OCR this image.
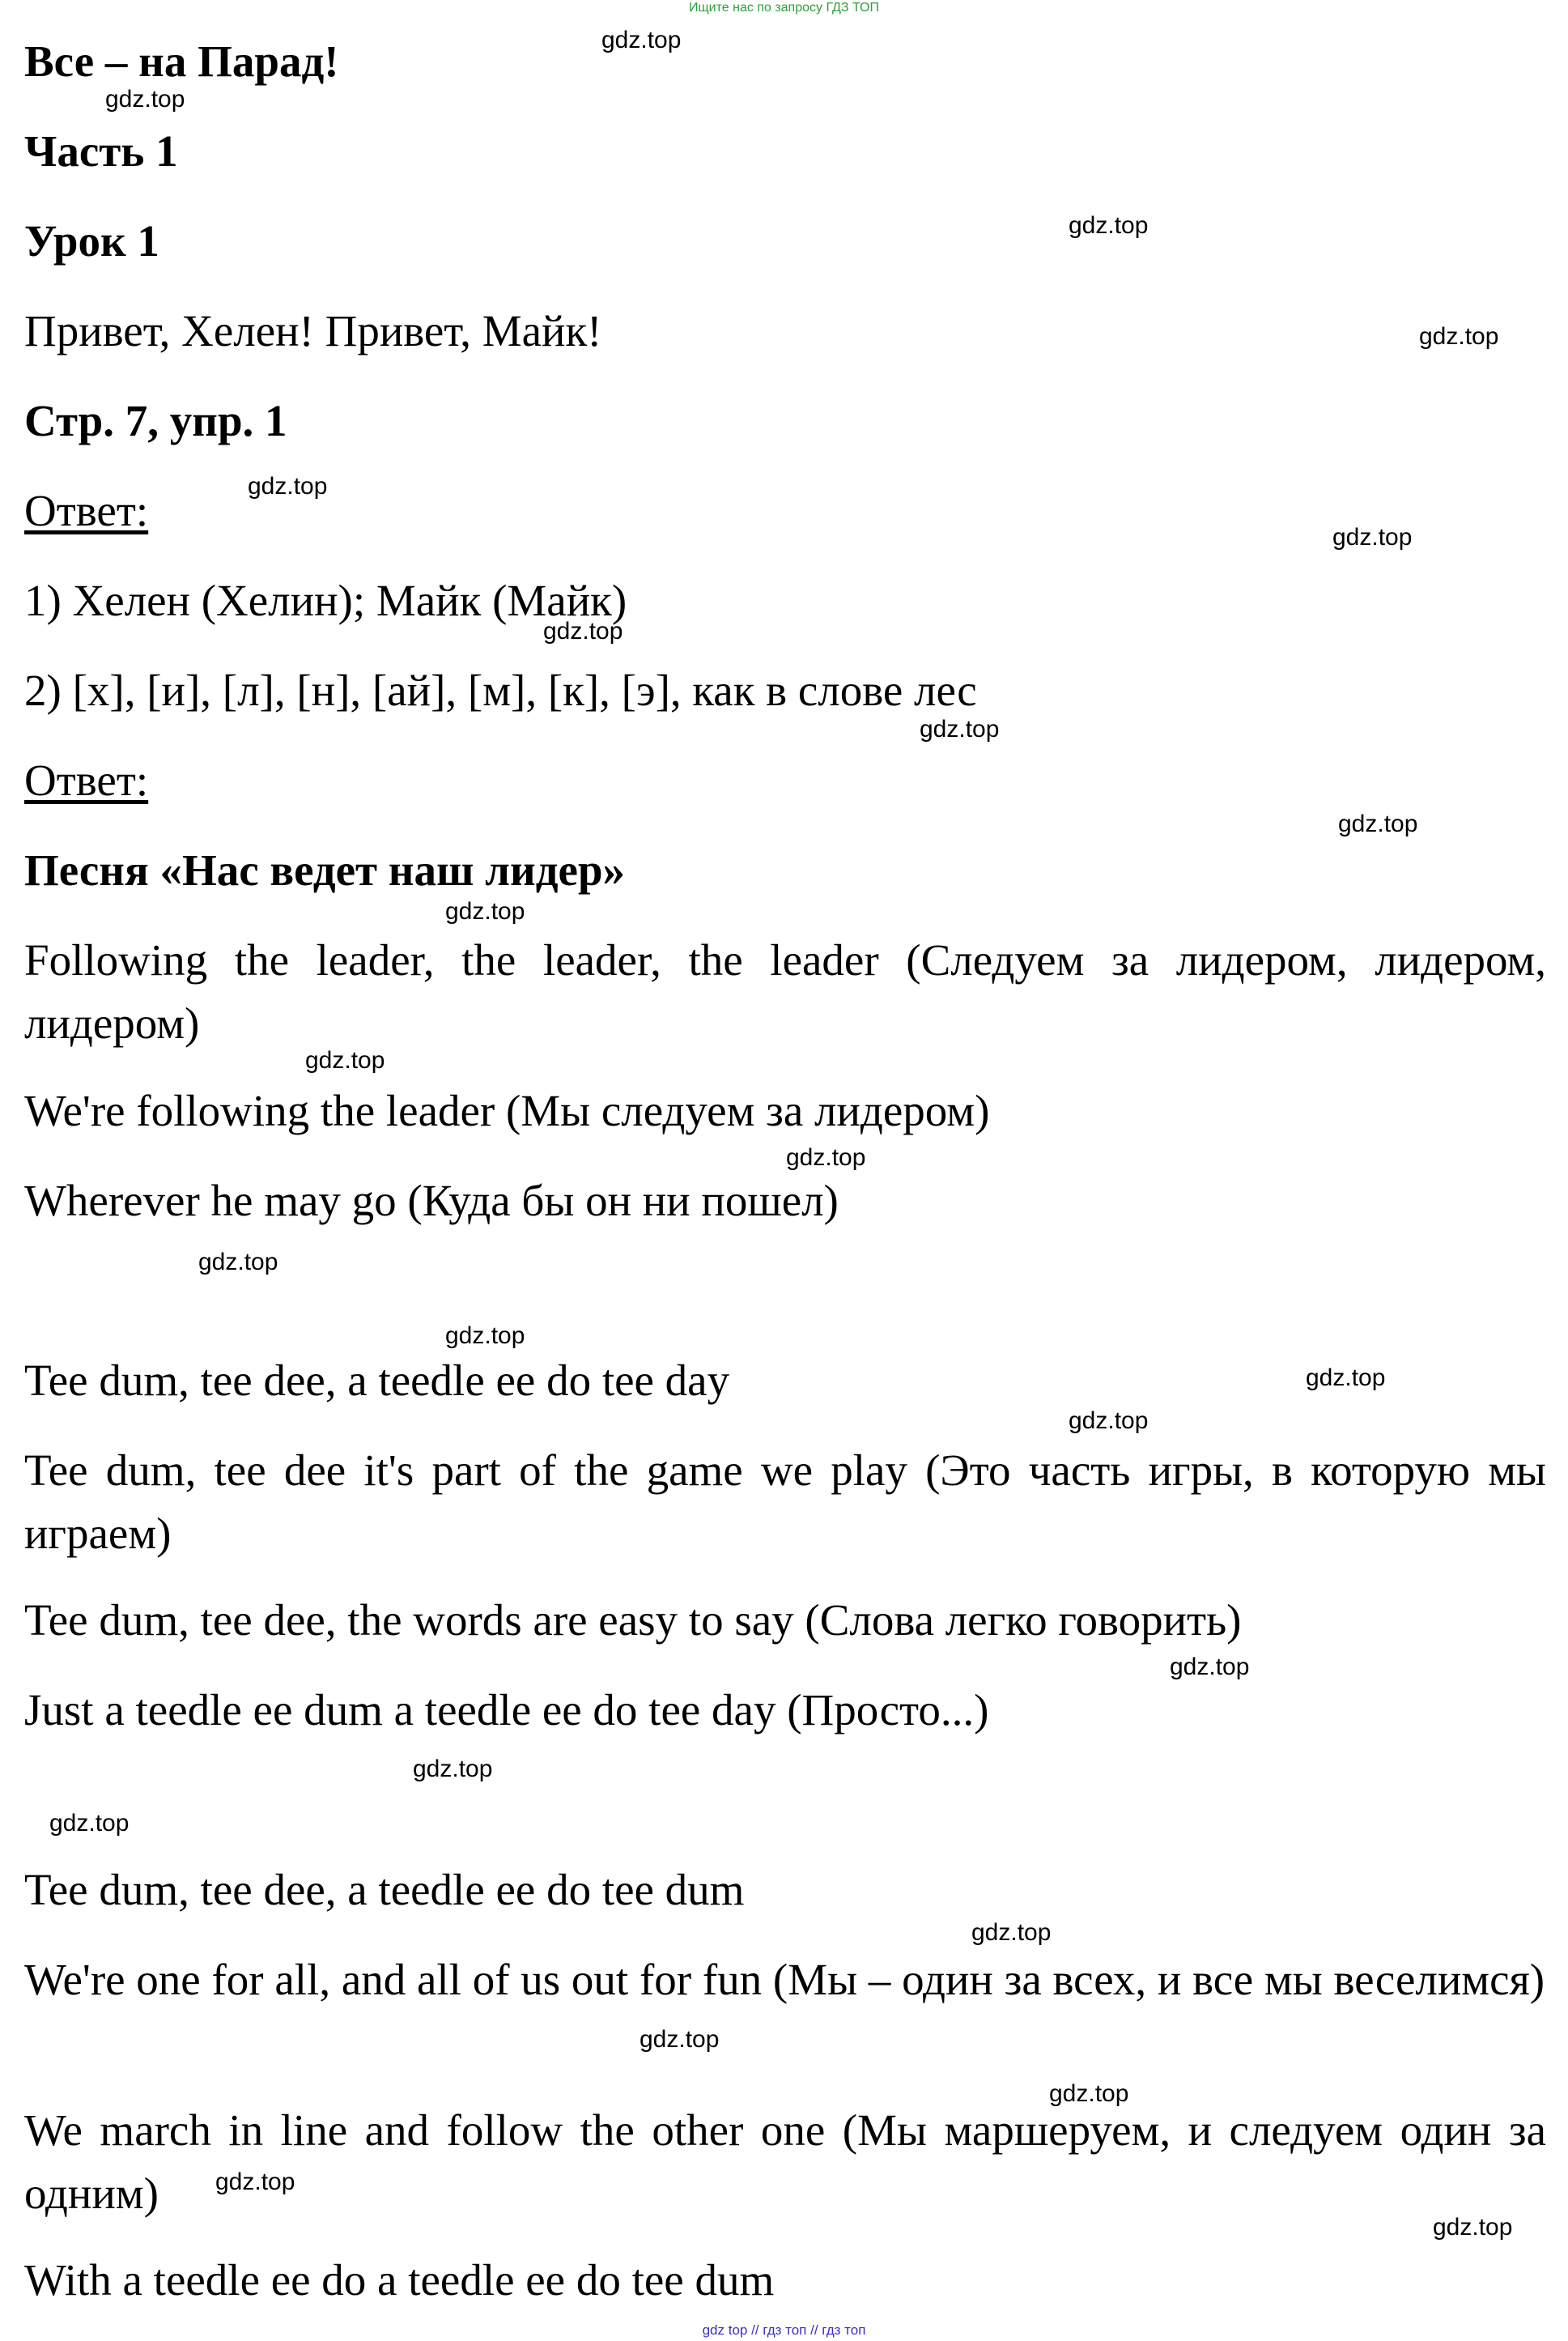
Ищите нас по запросу ГДЗ ТОП
Все – на Парад!
Часть 1
Урок 1
Привет, Хелен! Привет, Майк!
Стр. 7, упр. 1
Ответ:
1) Хелен (Хелин); Майк (Майк)
2) [х], [и], [л], [н], [ай], [м], [к], [э], как в слове лес
Ответ:
Песня «Нас ведет наш лидер»
Following the leader, the leader, the leader (Следуем за лидером, лидером, лидером)
We're following the leader (Мы следуем за лидером)
Wherever he may go (Куда бы он ни пошел)
Tee dum, tee dee, a teedle ee do tee day
Tee dum, tee dee it's part of the game we play (Это часть игры, в которую мы играем)
Tee dum, tee dee, the words are easy to say (Слова легко говорить)
Just a teedle ee dum a teedle ee do tee day (Просто...)
Tee dum, tee dee, a teedle ee do tee dum
We're one for all, and all of us out for fun (Мы – один за всех, и все мы веселимся)
We march in line and follow the other one (Мы маршеруем, и следуем один за одним)
With a teedle ee do a teedle ee do tee dum
gdz.top
gdz.top
gdz.top
gdz.top
gdz.top
gdz.top
gdz.top
gdz.top
gdz.top
gdz.top
gdz.top
gdz.top
gdz.top
gdz.top
gdz.top
gdz.top
gdz.top
gdz.top
gdz.top
gdz.top
gdz.top
gdz.top
gdz.top
gdz.top
gdz top // гдз топ // гдз топ
